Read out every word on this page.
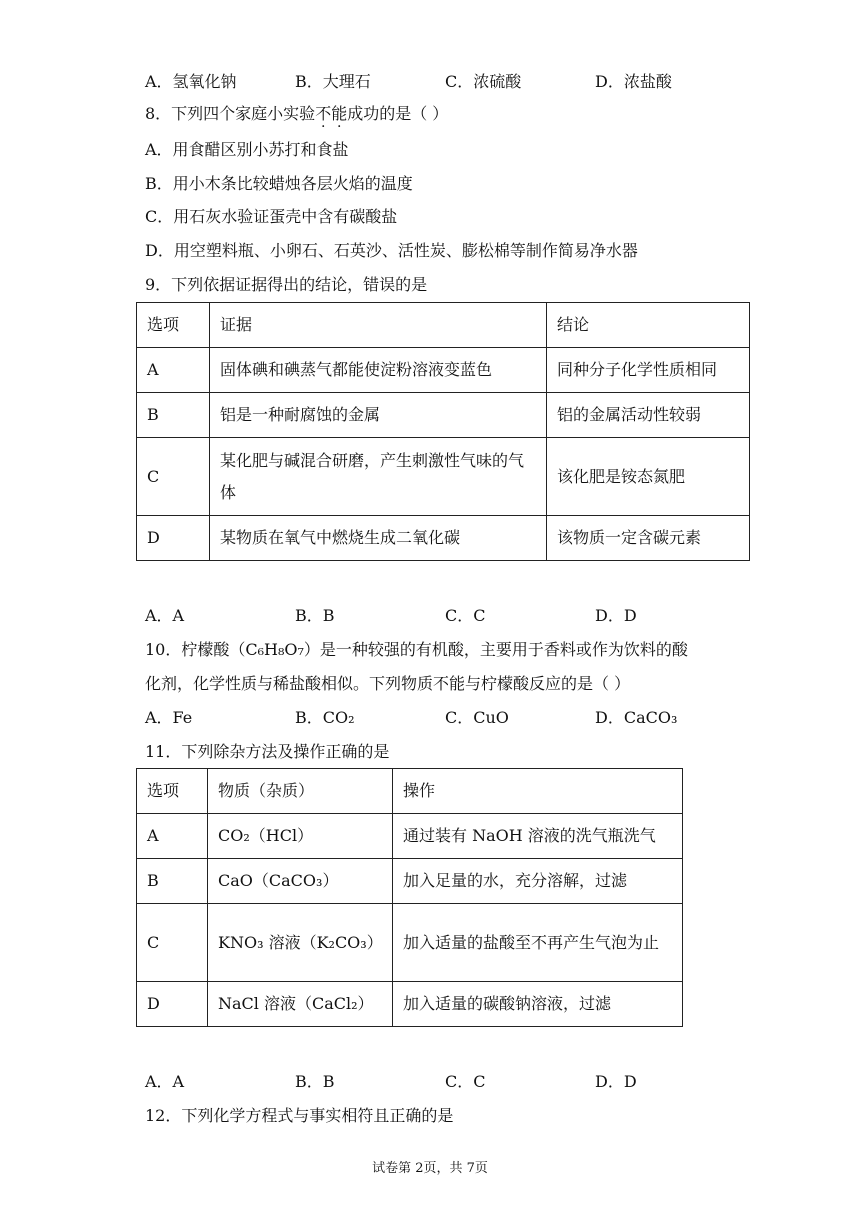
A．氢氧化钠	B．大理石	C．浓硫酸	D．浓盐酸
8．下列四个家庭小实验不能成功的是（ ）
A．用食醋区别小苏打和食盐
B．用小木条比较蜡烛各层火焰的温度
C．用石灰水验证蛋壳中含有碳酸盐
D．用空塑料瓶、小卵石、石英沙、活性炭、膨松棉等制作简易净水器
9．下列依据证据得出的结论，错误的是
选项	证据	结论
A	固体碘和碘蒸气都能使淀粉溶液变蓝色	同种分子化学性质相同
B	铝是一种耐腐蚀的金属	铝的金属活动性较弱
C	某化肥与碱混合研磨，产生刺激性气味的气体	该化肥是铵态氮肥
D	某物质在氧气中燃烧生成二氧化碳	该物质一定含碳元素
A．A	B．B	C．C	D．D
10．柠檬酸（C₆H₈O₇）是一种较强的有机酸，主要用于香料或作为饮料的酸
化剂，化学性质与稀盐酸相似。下列物质不能与柠檬酸反应的是（ ）
A．Fe	B．CO₂	C．CuO	D．CaCO₃
11．下列除杂方法及操作正确的是
选项	物质（杂质）	操作
A	CO₂（HCl）	通过装有 NaOH 溶液的洗气瓶洗气
B	CaO（CaCO₃）	加入足量的水，充分溶解，过滤
C	KNO₃ 溶液（K₂CO₃）	加入适量的盐酸至不再产生气泡为止
D	NaCl 溶液（CaCl₂）	加入适量的碳酸钠溶液，过滤
A．A	B．B	C．C	D．D
12．下列化学方程式与事实相符且正确的是
试卷第 2页，共 7页
